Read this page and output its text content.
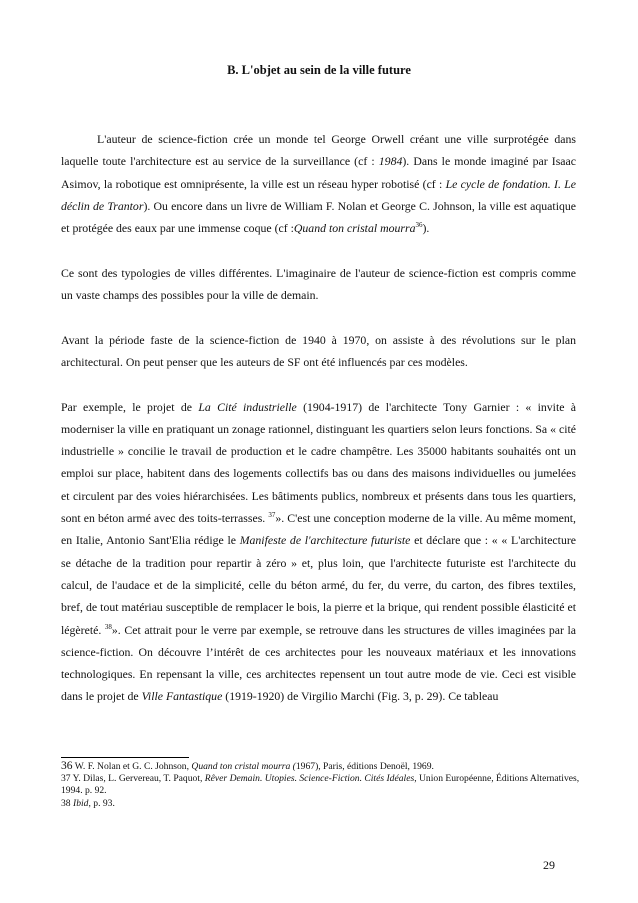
B. L'objet au sein de la ville future

L'auteur de science-fiction crée un monde tel George Orwell créant une ville surprotégée dans laquelle toute l'architecture est au service de la surveillance (cf : 1984). Dans le monde imaginé par Isaac Asimov, la robotique est omniprésente, la ville est un réseau hyper robotisé (cf : Le cycle de fondation. I. Le déclin de Trantor). Ou encore dans un livre de William F. Nolan et George C. Johnson, la ville est aquatique et protégée des eaux par une immense coque (cf :Quand ton cristal mourra$^{36}$).

Ce sont des typologies de villes différentes. L'imaginaire de l'auteur de science-fiction est compris comme un vaste champs des possibles pour la ville de demain.

Avant la période faste de la science-fiction de 1940 à 1970, on assiste à des révolutions sur le plan architectural. On peut penser que les auteurs de SF ont été influencés par ces modèles.

Par exemple, le projet de La Cité industrielle (1904-1917) de l'architecte Tony Garnier : « invite à moderniser la ville en pratiquant un zonage rationnel, distinguant les quartiers selon leurs fonctions. Sa « cité industrielle » concilie le travail de production et le cadre champêtre. Les 35000 habitants souhaités ont un emploi sur place, habitent dans des logements collectifs bas ou dans des maisons individuelles ou jumelées et circulent par des voies hiérarchisées. Les bâtiments publics, nombreux et présents dans tous les quartiers, sont en béton armé avec des toits-terrasses. $^{37}$». C'est une conception moderne de la ville. Au même moment, en Italie, Antonio Sant'Elia rédige le Manifeste de l'architecture futuriste et déclare que : « « L'architecture se détache de la tradition pour repartir à zéro » et, plus loin, que l'architecte futuriste est l'architecte du calcul, de l'audace et de la simplicité, celle du béton armé, du fer, du verre, du carton, des fibres textiles, bref, de tout matériau susceptible de remplacer le bois, la pierre et la brique, qui rendent possible élasticité et légèreté. $^{38}$». Cet attrait pour le verre par exemple, se retrouve dans les structures de villes imaginées par la science-fiction. On découvre l’intérêt de ces architectes pour les nouveaux matériaux et les innovations technologiques. En repensant la ville, ces architectes repensent un tout autre mode de vie. Ceci est visible dans le projet de Ville Fantastique (1919-1920) de Virgilio Marchi (Fig. 3, p. 29). Ce tableau

36 W. F. Nolan et G. C. Johnson, Quand ton cristal mourra (1967), Paris, éditions Denoël, 1969.
37 Y. Dilas, L. Gervereau, T. Paquot, Rêver Demain. Utopies. Science-Fiction. Cités Idéales, Union Européenne, Éditions Alternatives, 1994. p. 92.
38 Ibid, p. 93.
29
